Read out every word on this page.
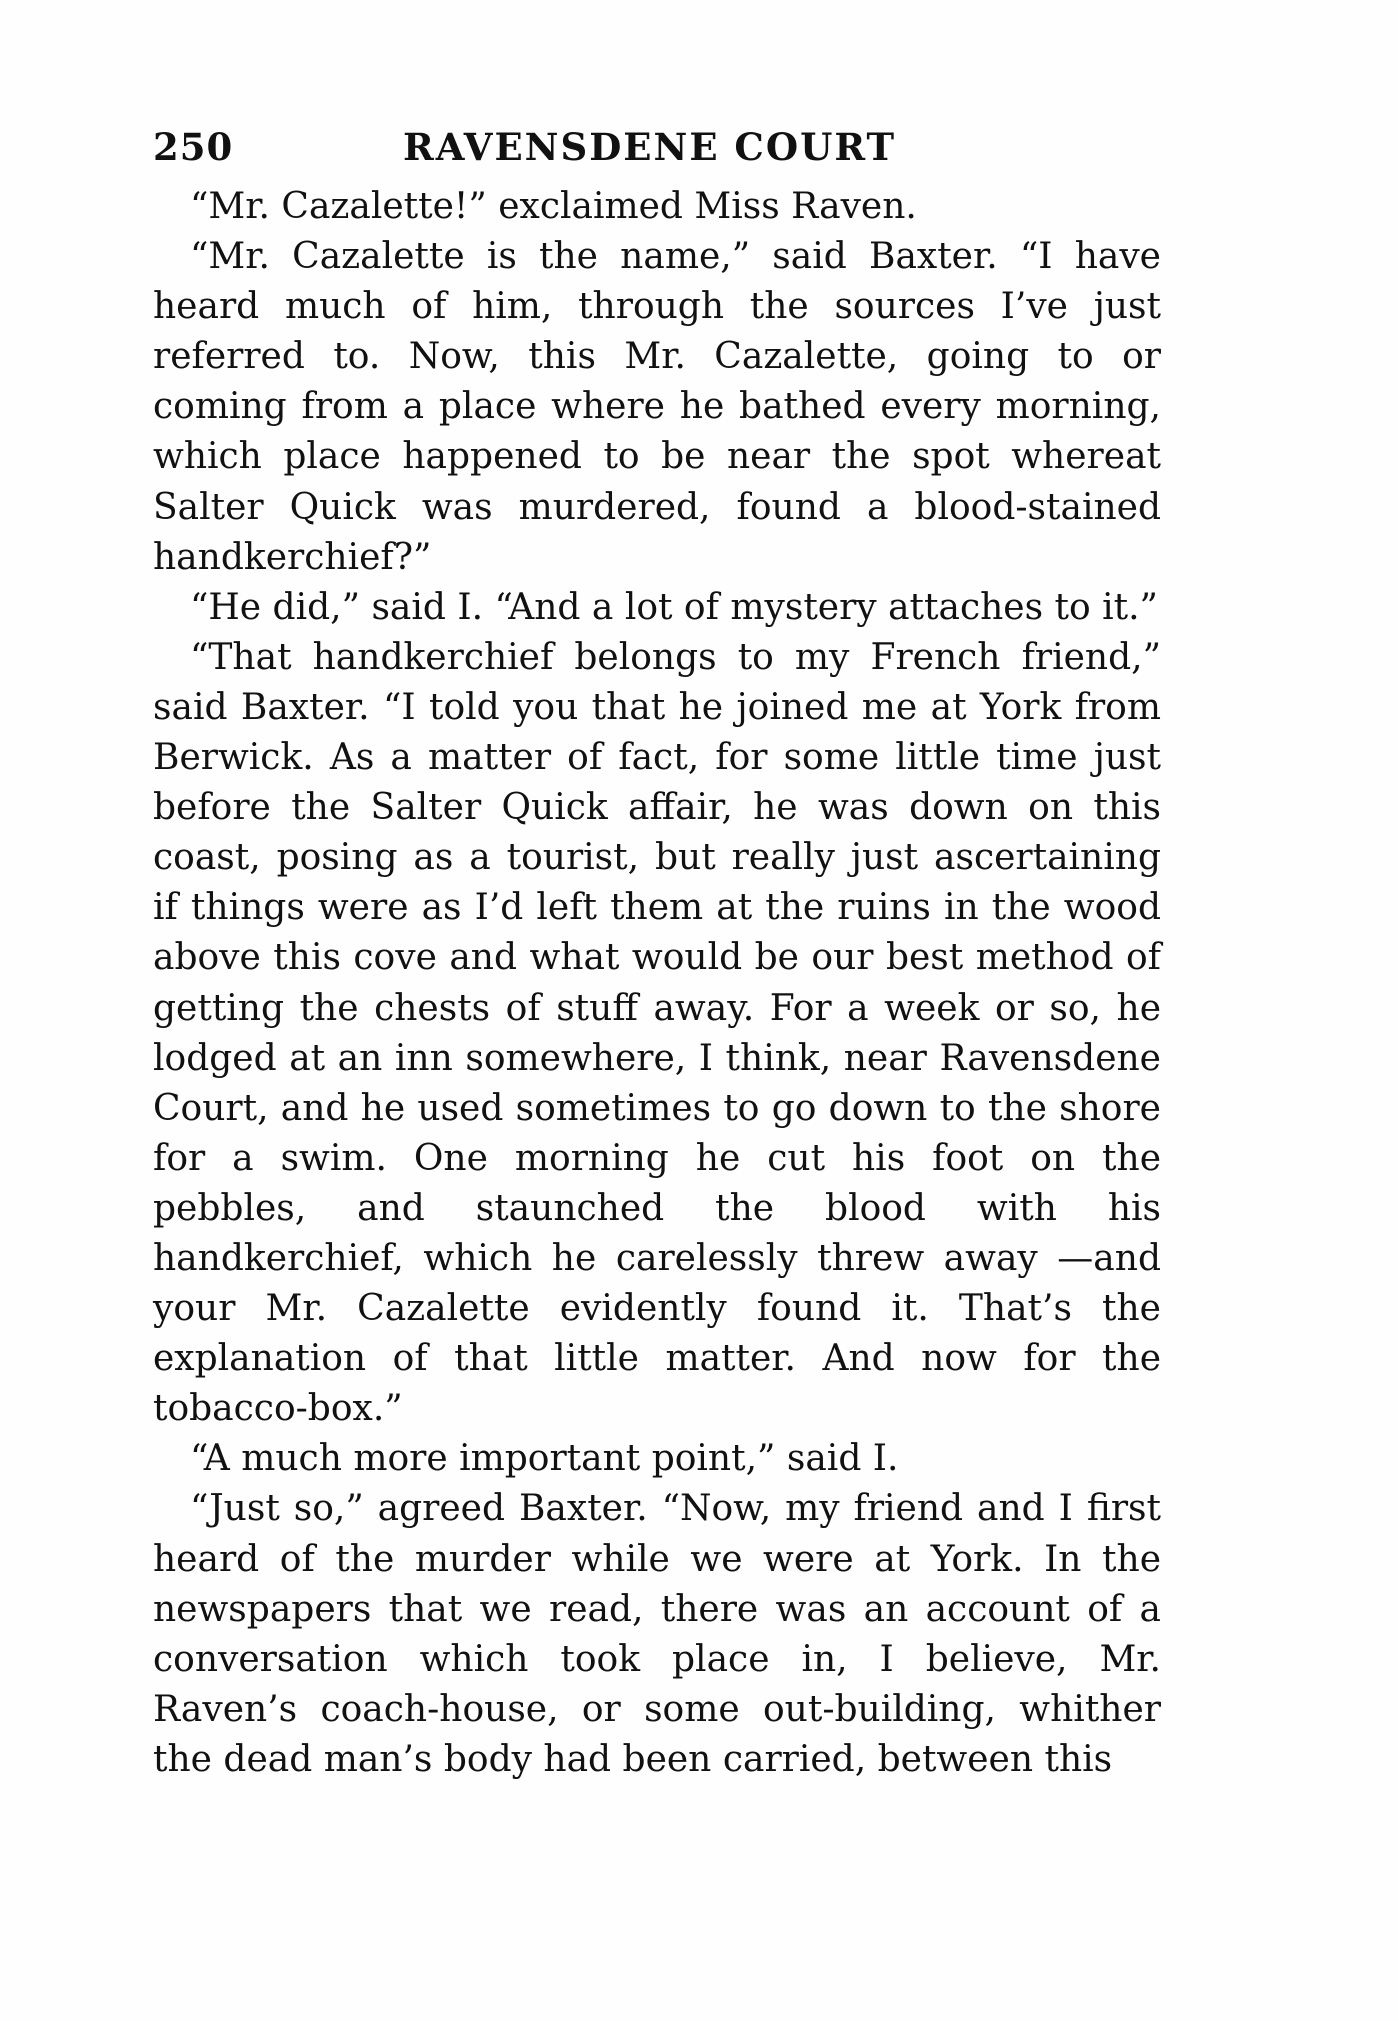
250	RAVENSDENE COURT

“Mr. Cazalette!” exclaimed Miss Raven.

“Mr. Cazalette is the name,” said Baxter. “I have heard much of him, through the sources I’ve just referred to. Now, this Mr. Cazalette, going to or coming from a place where he bathed every morning, which place happened to be near the spot whereat Salter Quick was murdered, found a blood-stained handkerchief?”

“He did,” said I. “And a lot of mystery attaches to it.”

“That handkerchief belongs to my French friend,” said Baxter. “I told you that he joined me at York from Berwick. As a matter of fact, for some little time just before the Salter Quick affair, he was down on this coast, posing as a tourist, but really just ascertaining if things were as I’d left them at the ruins in the wood above this cove and what would be our best method of getting the chests of stuff away. For a week or so, he lodged at an inn somewhere, I think, near Ravensdene Court, and he used sometimes to go down to the shore for a swim. One morning he cut his foot on the pebbles, and staunched the blood with his handkerchief, which he carelessly threw away —and your Mr. Cazalette evidently found it. That’s the explanation of that little matter. And now for the tobacco-box.”

“A much more important point,” said I.

“Just so,” agreed Baxter. “Now, my friend and I first heard of the murder while we were at York. In the newspapers that we read, there was an account of a conversation which took place in, I believe, Mr. Raven’s coach-house, or some out-building, whither the dead man’s body had been carried, between this
